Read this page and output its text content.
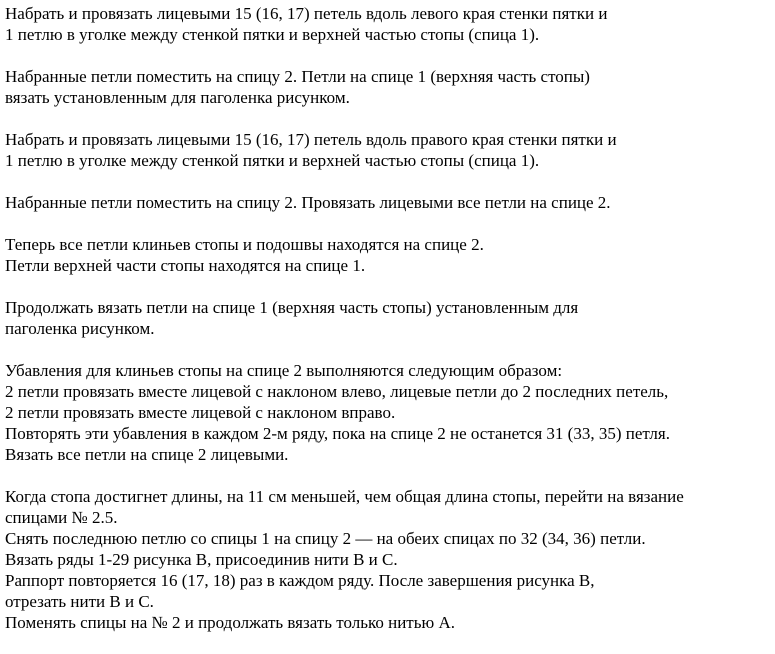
Набрать и провязать лицевыми 15 (16, 17) петель вдоль левого края стенки пятки и
1 петлю в уголке между стенкой пятки и верхней частью стопы (спица 1).
Набранные петли поместить на спицу 2. Петли на спице 1 (верхняя часть стопы)
вязать установленным для паголенка рисунком.
Набрать и провязать лицевыми 15 (16, 17) петель вдоль правого края стенки пятки и
1 петлю в уголке между стенкой пятки и верхней частью стопы (спица 1).
Набранные петли поместить на спицу 2. Провязать лицевыми все петли на спице 2.
Теперь все петли клиньев стопы и подошвы находятся на спице 2.
Петли верхней части стопы находятся на спице 1.
Продолжать вязать петли на спице 1 (верхняя часть стопы) установленным для
паголенка рисунком.
Убавления для клиньев стопы на спице 2 выполняются следующим образом:
2 петли провязать вместе лицевой с наклоном влево, лицевые петли до 2 последних петель,
2 петли провязать вместе лицевой с наклоном вправо.
Повторять эти убавления в каждом 2-м ряду, пока на спице 2 не останется 31 (33, 35) петля.
Вязать все петли на спице 2 лицевыми.
Когда стопа достигнет длины, на 11 см меньшей, чем общая длина стопы, перейти на вязание
спицами № 2.5.
Снять последнюю петлю со спицы 1 на спицу 2 — на обеих спицах по 32 (34, 36) петли.
Вязать ряды 1-29 рисунка B, присоединив нити B и C.
Раппорт повторяется 16 (17, 18) раз в каждом ряду. После завершения рисунка B,
отрезать нити B и C.
Поменять спицы на № 2 и продолжать вязать только нитью A.
